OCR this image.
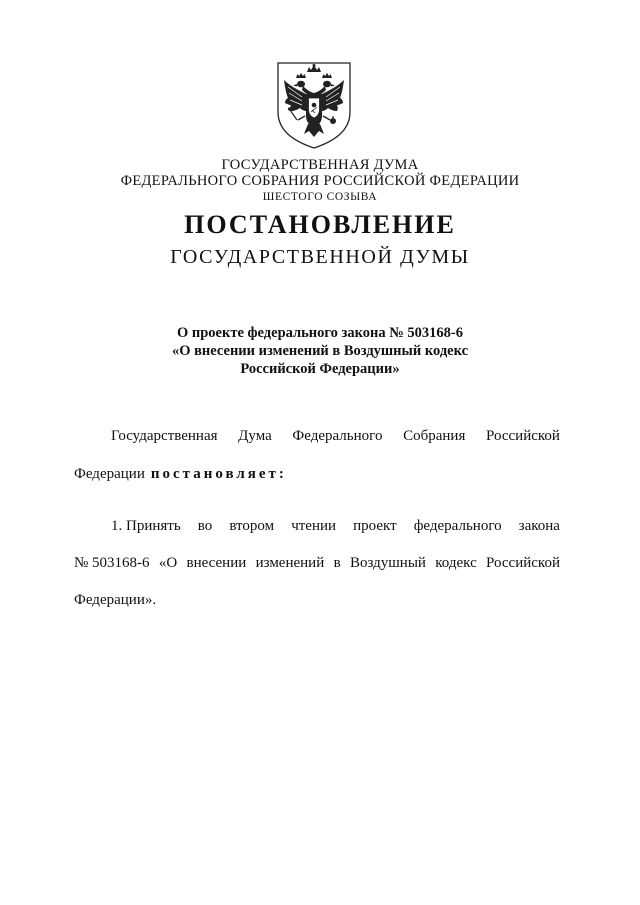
ГОСУДАРСТВЕННАЯ ДУМА
ФЕДЕРАЛЬНОГО СОБРАНИЯ РОССИЙСКОЙ ФЕДЕРАЦИИ
ШЕСТОГО СОЗЫВА
ПОСТАНОВЛЕНИЕ
ГОСУДАРСТВЕННОЙ ДУМЫ
О проекте федерального закона № 503168-6
«О внесении изменений в Воздушный кодекс
Российской Федерации»
Государственная Дума Федерального Собрания Российской
Федерации постановляет:
1. Принять во втором чтении проект федерального закона
№ 503168-6 «О внесении изменений в Воздушный кодекс Российской
Федерации».
